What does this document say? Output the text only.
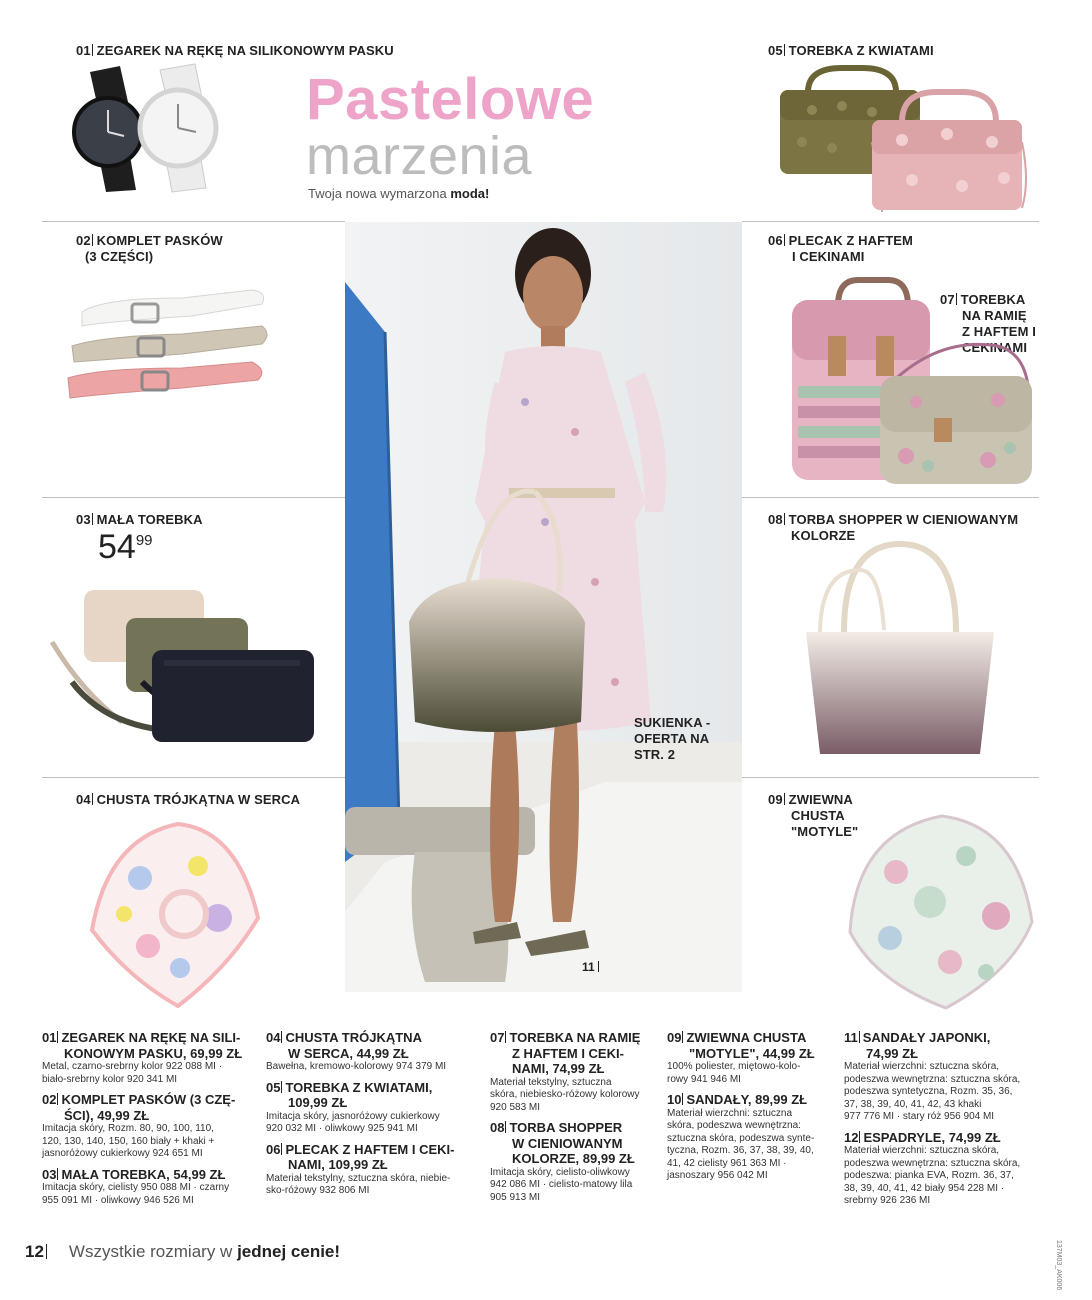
Pastelowe
marzenia
Twoja nowa wymarzona moda!
01 ZEGAREK NA RĘKĘ NA SILIKONOWYM PASKU	05 TOREBKA Z KWIATAMI
02 KOMPLET PASKÓW
(3 CZĘŚCI)
06 PLECAK Z HAFTEM
I CEKINAMI
07 TOREBKA
NA RAMIĘ
Z HAFTEM I
CEKINAMI
03 MAŁA TOREBKA
5499

08 TORBA SHOPPER W CIENIOWANYM
KOLORZE
04 CHUSTA TRÓJKĄTNA W SERCA	09 ZWIEWNA
CHUSTA
"MOTYLE"
SUKIENKA -
OFERTA NA
STR. 2
11
01 ZEGAREK NA RĘKĘ NA SILI-
KONOWYM PASKU, 69,99 ZŁ
Metal, czarno-srebrny kolor 922 088 MI ·
biało-srebrny kolor 920 341 MI
02 KOMPLET PASKÓW (3 CZĘ-
ŚCI), 49,99 ZŁ
Imitacja skóry, Rozm. 80, 90, 100, 110,
120, 130, 140, 150, 160 biały + khaki +
jasnoróżowy cukierkowy 924 651 MI
03 MAŁA TOREBKA, 54,99 ZŁ
Imitacja skóry, cielisty 950 088 MI · czarny
955 091 MI · oliwkowy 946 526 MI
04 CHUSTA TRÓJKĄTNA
W SERCA, 44,99 ZŁ
Bawełna, kremowo-kolorowy 974 379 MI
05 TOREBKA Z KWIATAMI,
109,99 ZŁ
Imitacja skóry, jasnoróżowy cukierkowy
920 032 MI · oliwkowy 925 941 MI
06 PLECAK Z HAFTEM I CEKI-
NAMI, 109,99 ZŁ
Materiał tekstylny, sztuczna skóra, niebie-
sko-różowy 932 806 MI
07 TOREBKA NA RAMIĘ
Z HAFTEM I CEKI-
NAMI, 74,99 ZŁ
Materiał tekstylny, sztuczna
skóra, niebiesko-różowy kolorowy
920 583 MI
08 TORBA SHOPPER
W CIENIOWANYM
KOLORZE, 89,99 ZŁ
Imitacja skóry, cielisto-oliwkowy
942 086 MI · cielisto-matowy lila
905 913 MI
09 ZWIEWNA CHUSTA
"MOTYLE", 44,99 ZŁ
100% poliester, miętowo-kolo-
rowy 941 946 MI
10 SANDAŁY, 89,99 ZŁ
Materiał wierzchni: sztuczna
skóra, podeszwa wewnętrzna:
sztuczna skóra, podeszwa synte-
tyczna, Rozm. 36, 37, 38, 39, 40,
41, 42 cielisty 961 363 MI ·
jasnoszary 956 042 MI
11 SANDAŁY JAPONKI,
74,99 ZŁ
Materiał wierzchni: sztuczna skóra,
podeszwa wewnętrzna: sztuczna skóra,
podeszwa syntetyczna, Rozm. 35, 36,
37, 38, 39, 40, 41, 42, 43 khaki
977 776 MI · stary róż 956 904 MI
12 ESPADRYLE, 74,99 ZŁ
Materiał wierzchni: sztuczna skóra,
podeszwa wewnętrzna: sztuczna skóra,
podeszwa: pianka EVA, Rozm. 36, 37,
38, 39, 40, 41, 42 biały 954 228 MI ·
srebrny 926 236 MI
12 Wszystkie rozmiary w jednej cenie!	137M03_AK006
